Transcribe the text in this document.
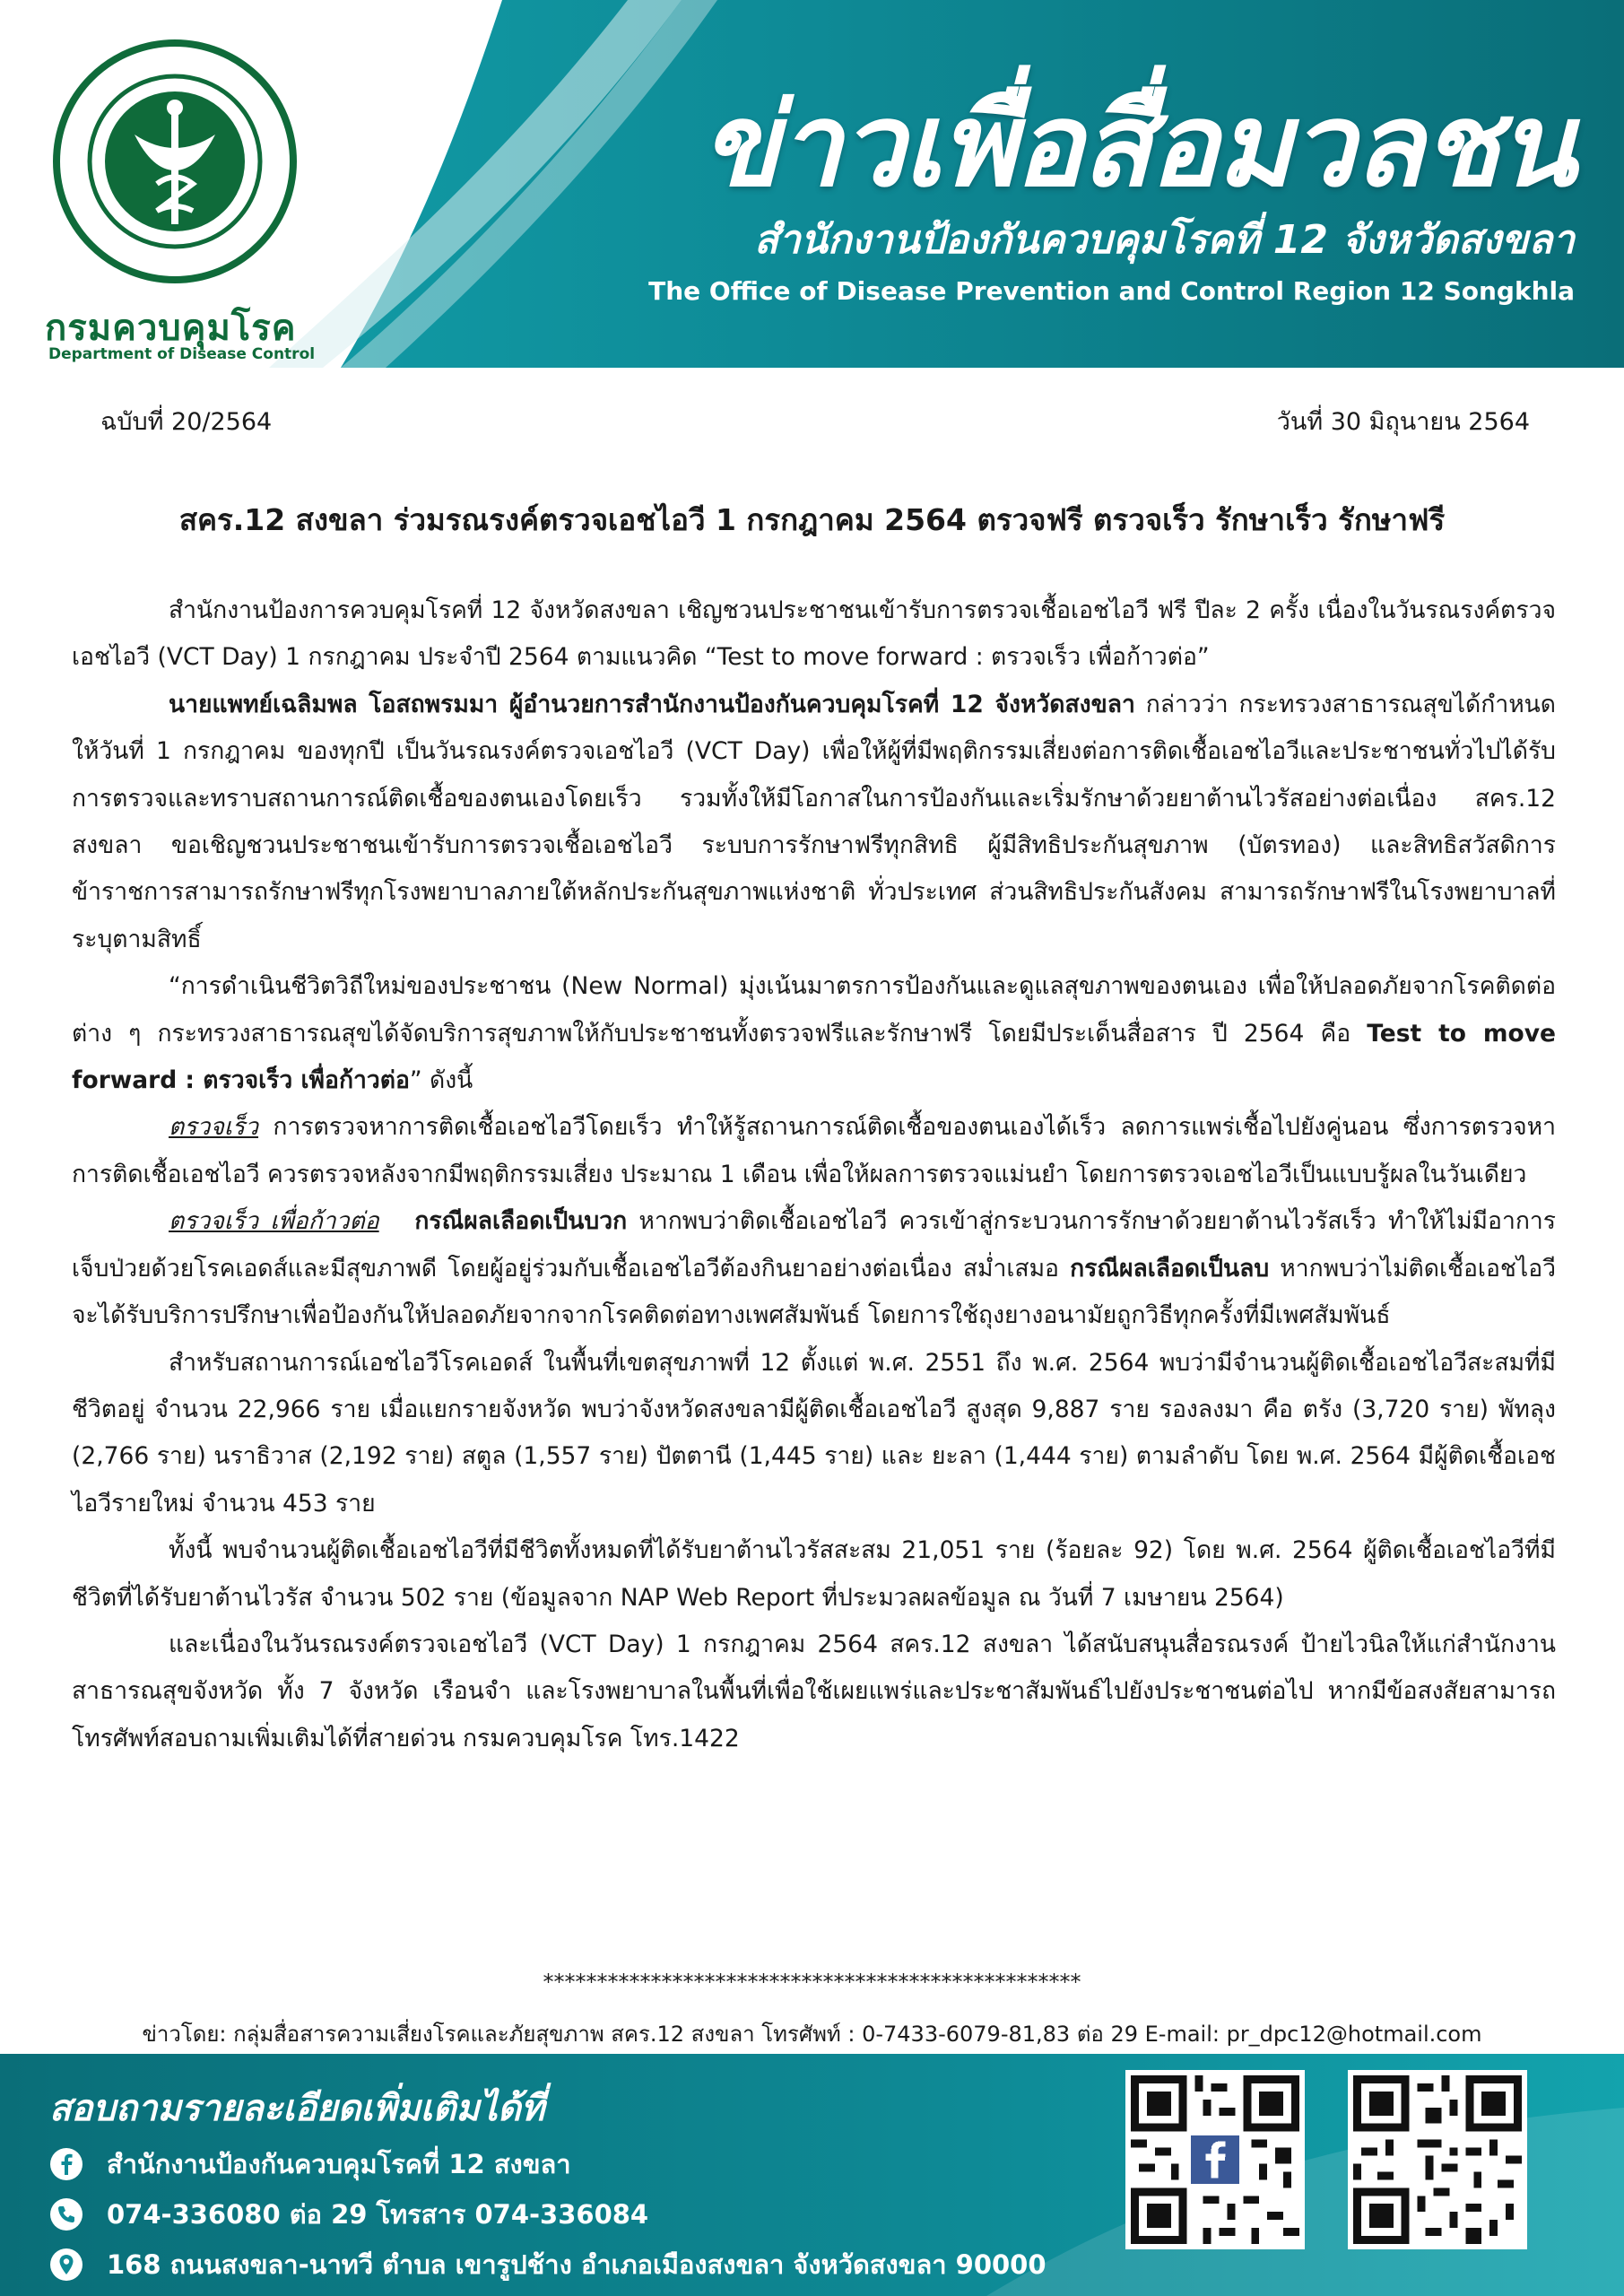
กรมควบคุมโรค
Department of Disease Control
ข่าวเพื่อสื่อมวลชน
สำนักงานป้องกันควบคุมโรคที่ 12 จังหวัดสงขลา
The Office of Disease Prevention and Control Region 12 Songkhla
ฉบับที่ 20/2564	วันที่ 30 มิถุนายน 2564
สคร.12 สงขลา ร่วมรณรงค์ตรวจเอชไอวี 1 กรกฎาคม 2564 ตรวจฟรี ตรวจเร็ว รักษาเร็ว รักษาฟรี

สำนักงานป้องการควบคุมโรคที่ 12 จังหวัดสงขลา เชิญชวนประชาชนเข้ารับการตรวจเชื้อเอชไอวี ฟรี ปีละ 2 ครั้ง เนื่องในวันรณรงค์ตรวจเอชไอวี (VCT Day) 1 กรกฎาคม ประจำปี 2564 ตามแนวคิด “Test to move forward : ตรวจเร็ว เพื่อก้าวต่อ”

นายแพทย์เฉลิมพล โอสถพรมมา ผู้อำนวยการสำนักงานป้องกันควบคุมโรคที่ 12 จังหวัดสงขลา กล่าวว่า กระทรวงสาธารณสุขได้กำหนดให้วันที่ 1 กรกฎาคม ของทุกปี เป็นวันรณรงค์ตรวจเอชไอวี (VCT Day) เพื่อให้ผู้ที่มีพฤติกรรมเสี่ยงต่อการติดเชื้อเอชไอวีและประชาชนทั่วไปได้รับการตรวจและทราบสถานการณ์ติดเชื้อของตนเองโดยเร็ว รวมทั้งให้มีโอกาสในการป้องกันและเริ่มรักษาด้วยยาต้านไวรัสอย่างต่อเนื่อง สคร.12 สงขลา ขอเชิญชวนประชาชนเข้ารับการตรวจเชื้อเอชไอวี ระบบการรักษาฟรีทุกสิทธิ ผู้มีสิทธิประกันสุขภาพ (บัตรทอง) และสิทธิสวัสดิการข้าราชการสามารถรักษาฟรีทุกโรงพยาบาลภายใต้หลักประกันสุขภาพแห่งชาติ ทั่วประเทศ ส่วนสิทธิประกันสังคม สามารถรักษาฟรีในโรงพยาบาลที่ระบุตามสิทธิ์

“การดำเนินชีวิตวิถีใหม่ของประชาชน (New Normal) มุ่งเน้นมาตรการป้องกันและดูแลสุขภาพของตนเอง เพื่อให้ปลอดภัยจากโรคติดต่อต่าง ๆ กระทรวงสาธารณสุขได้จัดบริการสุขภาพให้กับประชาชนทั้งตรวจฟรีและรักษาฟรี โดยมีประเด็นสื่อสาร ปี 2564 คือ Test to move forward : ตรวจเร็ว เพื่อก้าวต่อ” ดังนี้

ตรวจเร็ว การตรวจหาการติดเชื้อเอชไอวีโดยเร็ว ทำให้รู้สถานการณ์ติดเชื้อของตนเองได้เร็ว ลดการแพร่เชื้อไปยังคู่นอน ซึ่งการตรวจหาการติดเชื้อเอชไอวี ควรตรวจหลังจากมีพฤติกรรมเสี่ยง ประมาณ 1 เดือน เพื่อให้ผลการตรวจแม่นยำ โดยการตรวจเอชไอวีเป็นแบบรู้ผลในวันเดียว

ตรวจเร็ว เพื่อก้าวต่อ กรณีผลเลือดเป็นบวก หากพบว่าติดเชื้อเอชไอวี ควรเข้าสู่กระบวนการรักษาด้วยยาต้านไวรัสเร็ว ทำให้ไม่มีอาการเจ็บป่วยด้วยโรคเอดส์และมีสุขภาพดี โดยผู้อยู่ร่วมกับเชื้อเอชไอวีต้องกินยาอย่างต่อเนื่อง สม่ำเสมอ กรณีผลเลือดเป็นลบ หากพบว่าไม่ติดเชื้อเอชไอวี จะได้รับบริการปรึกษาเพื่อป้องกันให้ปลอดภัยจากจากโรคติดต่อทางเพศสัมพันธ์ โดยการใช้ถุงยางอนามัยถูกวิธีทุกครั้งที่มีเพศสัมพันธ์

สำหรับสถานการณ์เอชไอวีโรคเอดส์ ในพื้นที่เขตสุขภาพที่ 12 ตั้งแต่ พ.ศ. 2551 ถึง พ.ศ. 2564 พบว่ามีจำนวนผู้ติดเชื้อเอชไอวีสะสมที่มีชีวิตอยู่ จำนวน 22,966 ราย เมื่อแยกรายจังหวัด พบว่าจังหวัดสงขลามีผู้ติดเชื้อเอชไอวี สูงสุด 9,887 ราย รองลงมา คือ ตรัง (3,720 ราย) พัทลุง (2,766 ราย) นราธิวาส (2,192 ราย) สตูล (1,557 ราย) ปัตตานี (1,445 ราย) และ ยะลา (1,444 ราย) ตามลำดับ โดย พ.ศ. 2564 มีผู้ติดเชื้อเอชไอวีรายใหม่ จำนวน 453 ราย

ทั้งนี้ พบจำนวนผู้ติดเชื้อเอชไอวีที่มีชีวิตทั้งหมดที่ได้รับยาต้านไวรัสสะสม 21,051 ราย (ร้อยละ 92) โดย พ.ศ. 2564 ผู้ติดเชื้อเอชไอวีที่มีชีวิตที่ได้รับยาต้านไวรัส จำนวน 502 ราย (ข้อมูลจาก NAP Web Report ที่ประมวลผลข้อมูล ณ วันที่ 7 เมษายน 2564)

และเนื่องในวันรณรงค์ตรวจเอชไอวี (VCT Day) 1 กรกฎาคม 2564 สคร.12 สงขลา ได้สนับสนุนสื่อรณรงค์ ป้ายไวนิลให้แก่สำนักงานสาธารณสุขจังหวัด ทั้ง 7 จังหวัด เรือนจำ และโรงพยาบาลในพื้นที่เพื่อใช้เผยแพร่และประชาสัมพันธ์ไปยังประชาชนต่อไป หากมีข้อสงสัยสามารถโทรศัพท์สอบถามเพิ่มเติมได้ที่สายด่วน กรมควบคุมโรค โทร.1422

**************************************************
ข่าวโดย: กลุ่มสื่อสารความเสี่ยงโรคและภัยสุขภาพ สคร.12 สงขลา โทรศัพท์ : 0-7433-6079-81,83 ต่อ 29 E-mail: pr_dpc12@hotmail.com
สอบถามรายละเอียดเพิ่มเติมได้ที่
สำนักงานป้องกันควบคุมโรคที่ 12 สงขลา
074-336080 ต่อ 29 โทรสาร 074-336084
168 ถนนสงขลา-นาทวี ตำบล เขารูปช้าง อำเภอเมืองสงขลา จังหวัดสงขลา 90000
